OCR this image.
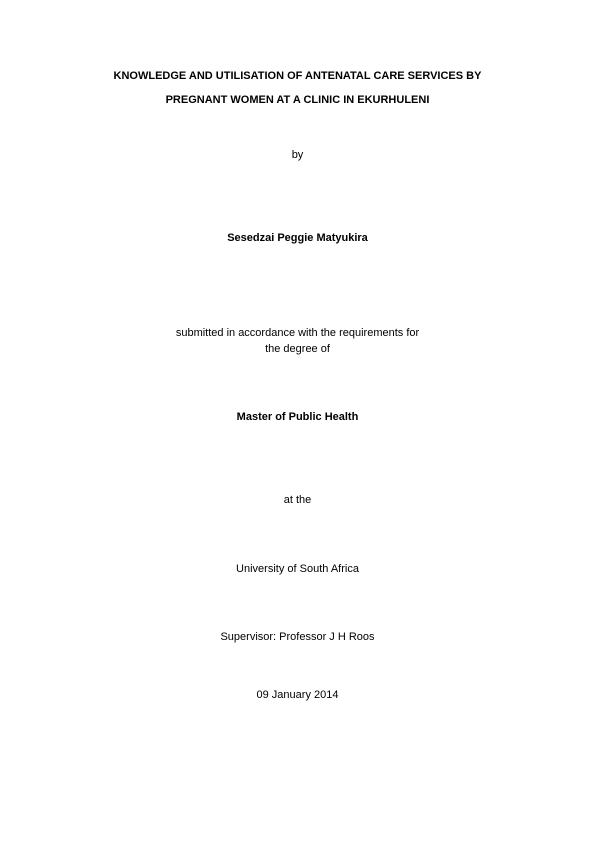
KNOWLEDGE AND UTILISATION OF ANTENATAL CARE SERVICES BY
PREGNANT WOMEN AT A CLINIC IN EKURHULENI
by
Sesedzai Peggie Matyukira
submitted in accordance with the requirements for
the degree of
Master of Public Health
at the
University of South Africa
Supervisor: Professor J H Roos
09 January 2014
